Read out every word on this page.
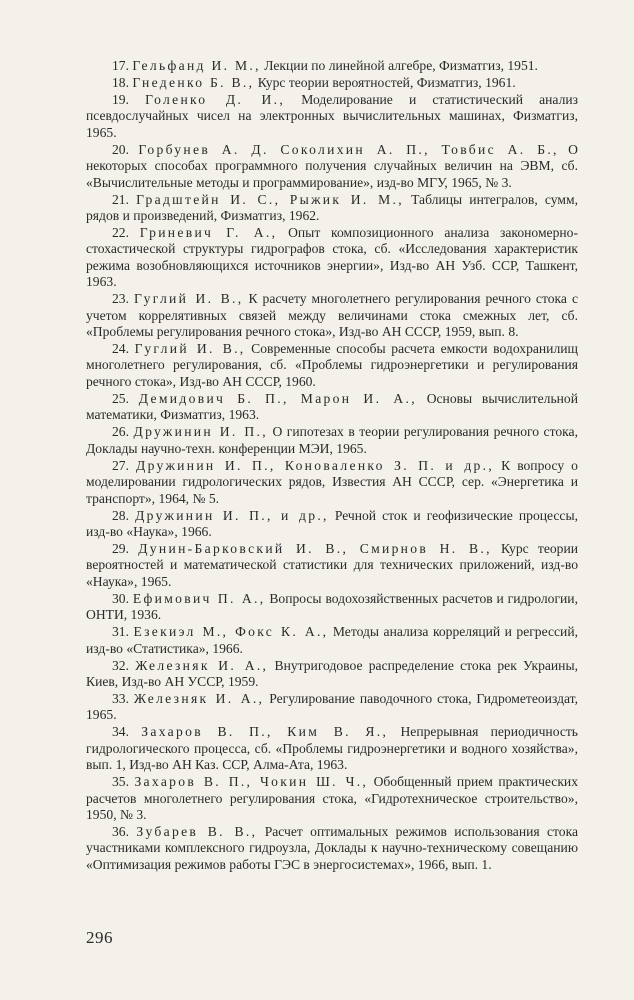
17. Гельфанд И. М., Лекции по линейной алгебре, Физматгиз, 1951.

18. Гнеденко Б. В., Курс теории вероятностей, Физматгиз, 1961.

19. Голенко Д. И., Моделирование и статистический анализ псевдослучайных чисел на электронных вычислительных машинах, Физматгиз, 1965.

20. Горбунев А. Д. Соколихин А. П., Товбис А. Б., О некоторых способах программного получения случайных величин на ЭВМ, сб. «Вычислительные методы и программирование», изд-во МГУ, 1965, № 3.

21. Градштейн И. С., Рыжик И. М., Таблицы интегралов, сумм, рядов и произведений, Физматгиз, 1962.

22. Гриневич Г. А., Опыт композиционного анализа закономерно-стохастической структуры гидрографов стока, сб. «Исследования характеристик режима возобновляющихся источников энергии», Изд-во АН Узб. ССР, Ташкент, 1963.

23. Гуглий И. В., К расчету многолетнего регулирования речного стока с учетом коррелятивных связей между величинами стока смежных лет, сб. «Проблемы регулирования речного стока», Изд-во АН СССР, 1959, вып. 8.

24. Гуглий И. В., Современные способы расчета емкости водохранилищ многолетнего регулирования, сб. «Проблемы гидроэнергетики и регулирования речного стока», Изд-во АН СССР, 1960.

25. Демидович Б. П., Марон И. А., Основы вычислительной математики, Физматгиз, 1963.

26. Дружинин И. П., О гипотезах в теории регулирования речного стока, Доклады научно-техн. конференции МЭИ, 1965.

27. Дружинин И. П., Коноваленко З. П. и др., К вопросу о моделировании гидрологических рядов, Известия АН СССР, сер. «Энергетика и транспорт», 1964, № 5.

28. Дружинин И. П., и др., Речной сток и геофизические процессы, изд-во «Наука», 1966.

29. Дунин-Барковский И. В., Смирнов Н. В., Курс теории вероятностей и математической статистики для технических приложений, изд-во «Наука», 1965.

30. Ефимович П. А., Вопросы водохозяйственных расчетов и гидрологии, ОНТИ, 1936.

31. Езекиэл М., Фокс К. А., Методы анализа корреляций и регрессий, изд-во «Статистика», 1966.

32. Железняк И. А., Внутригодовое распределение стока рек Украины, Киев, Изд-во АН УССР, 1959.

33. Железняк И. А., Регулирование паводочного стока, Гидрометеоиздат, 1965.

34. Захаров В. П., Ким В. Я., Непрерывная периодичность гидрологического процесса, сб. «Проблемы гидроэнергетики и водного хозяйства», вып. 1, Изд-во АН Каз. ССР, Алма-Ата, 1963.

35. Захаров В. П., Чокин Ш. Ч., Обобщенный прием практических расчетов многолетнего регулирования стока, «Гидротехническое строительство», 1950, № 3.

36. Зубарев В. В., Расчет оптимальных режимов использования стока участниками комплексного гидроузла, Доклады к научно-техническому совещанию «Оптимизация режимов работы ГЭС в энергосистемах», 1966, вып. 1.

296
